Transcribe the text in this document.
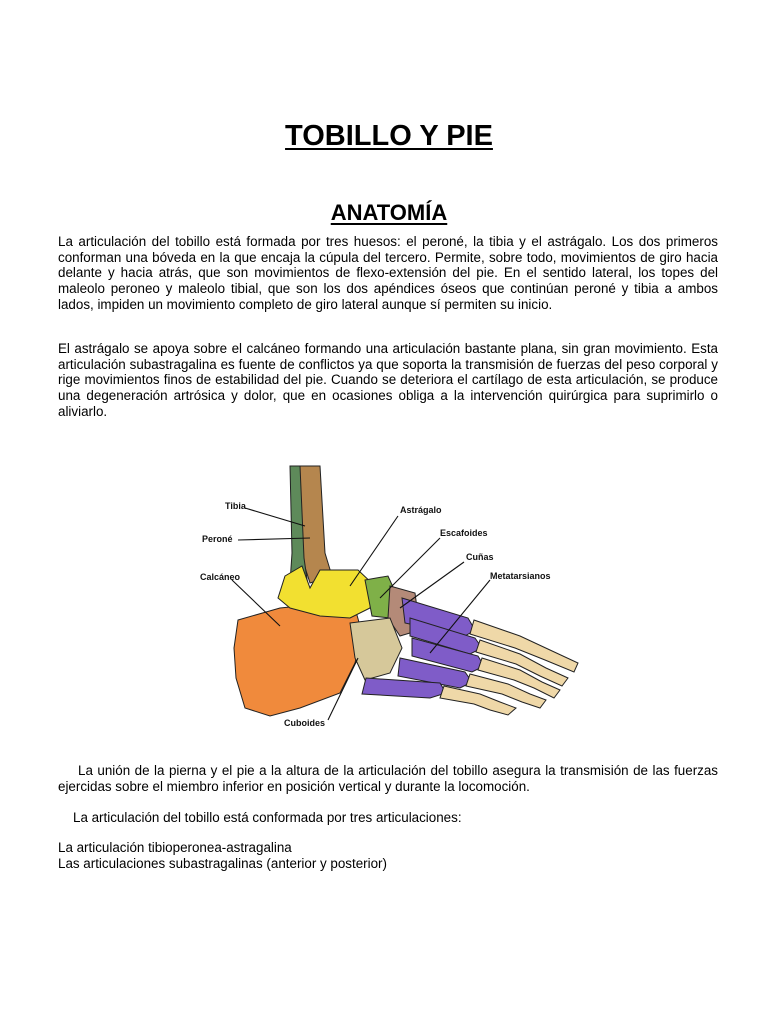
TOBILLO Y PIE
ANATOMÍA

La articulación del tobillo está formada por tres huesos: el peroné, la tibia y el astrágalo. Los dos primeros conforman una bóveda en la que encaja la cúpula del tercero. Permite, sobre todo, movimientos de giro hacia delante y hacia atrás, que son movimientos de flexo-extensión del pie. En el sentido lateral, los topes del maleolo peroneo y maleolo tibial, que son los dos apéndices óseos que continúan peroné y tibia a ambos lados, impiden un movimiento completo de giro lateral aunque sí permiten su inicio.

El astrágalo se apoya sobre el calcáneo formando una articulación bastante plana, sin gran movimiento. Esta articulación subastragalina es fuente de conflictos ya que soporta la transmisión de fuerzas del peso corporal y rige movimientos finos de estabilidad del pie. Cuando se deteriora el cartílago de esta articulación, se produce una degeneración artrósica y dolor, que en ocasiones obliga a la intervención quirúrgica para suprimirlo o aliviarlo.

Tibia
Peroné
Calcáneo
Astrágalo
Escafoides
Cuñas
Metatarsianos
Cuboides

La unión de la pierna y el pie a la altura de la articulación del tobillo asegura la transmisión de las fuerzas ejercidas sobre el miembro inferior en posición vertical y durante la locomoción.

La articulación del tobillo está conformada por tres articulaciones:

La articulación tibioperonea-astragalina

Las articulaciones subastragalinas (anterior y posterior)
